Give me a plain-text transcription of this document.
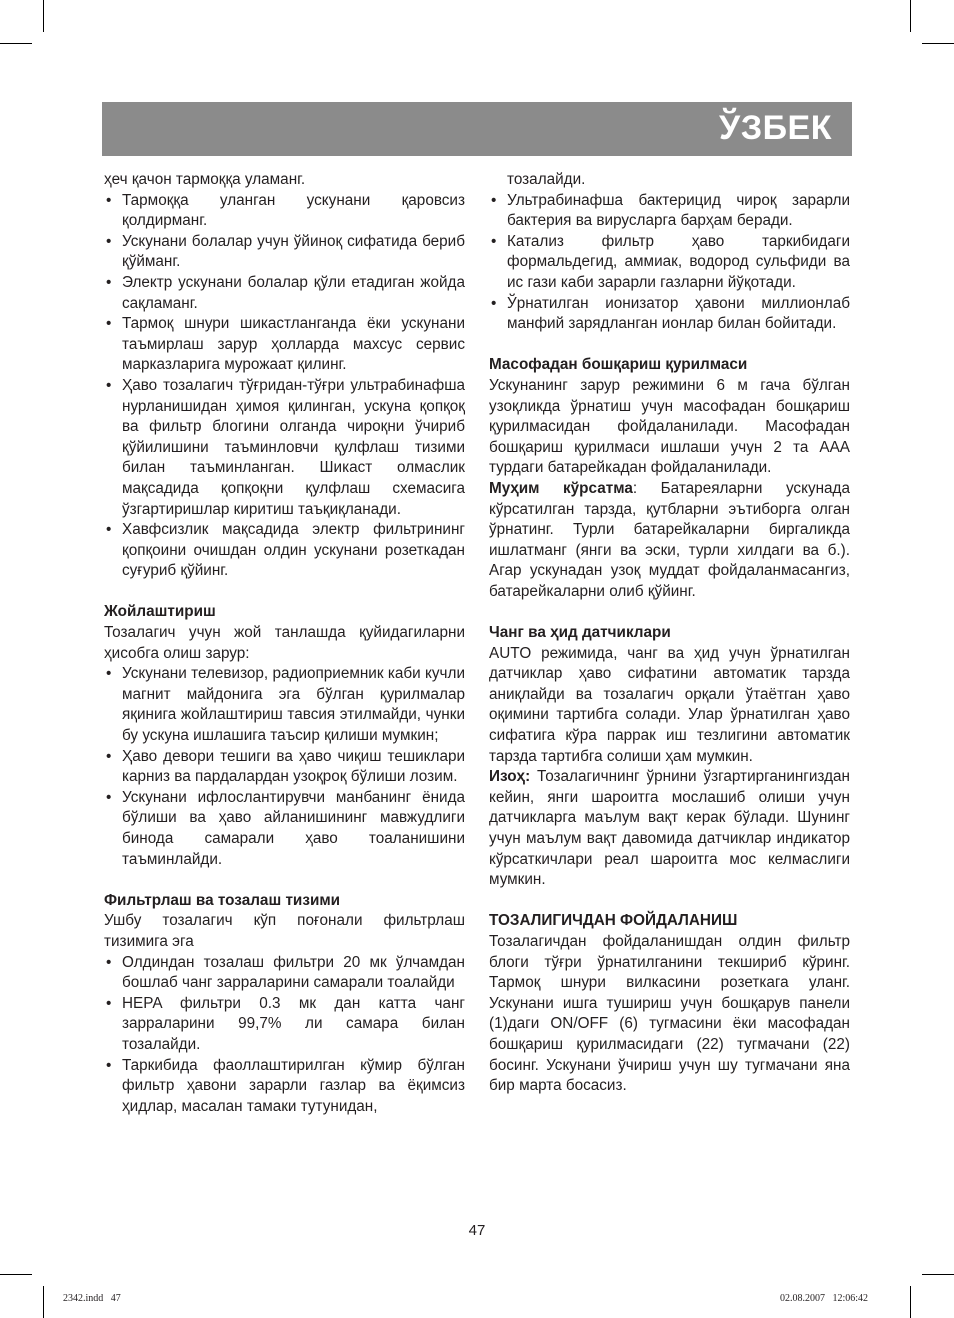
ЎЗБЕК

ҳеч қачон тармоққа уламанг.

• Тармоққа уланган ускунани қаровсиз қолдирманг.
• Ускунани болалар учун ўйиноқ сифатида бериб қўйманг.
• Электр ускунани болалар қўли етадиган жойда сақламанг.
• Тармоқ шнури шикастланганда ёки ускунани таъмирлаш зарур ҳолларда махсус сервис марказларига мурожаат қилинг.
• Ҳаво тозалагич тўғридан-тўғри ультрабинафша нурланишидан ҳимоя қилинган, ускуна қопқоқ ва фильтр блогини олганда чироқни ўчириб қўйилишини таъминловчи қулфлаш тизими билан таъминланган. Шикаст олмаслик мақсадида қопқоқни қулфлаш схемасига ўзгартиришлар киритиш таъқиқланади.
• Хавфсизлик мақсадида электр фильтрининг қопқоини очишдан олдин ускунани розеткадан суғуриб қўйинг.
Жойлаштириш

Тозалагич учун жой танлашда қуйидагиларни ҳисобга олиш зарур:

• Ускунани телевизор, радиоприемник каби кучли магнит майдонига эга бўлган қурилмалар яқинига жойлаштириш тавсия этилмайди, чунки бу ускуна ишлашига таъсир қилиши мумкин;
• Ҳаво девори тешиги ва ҳаво чиқиш тешиклари карниз ва пардалардан узоқроқ бўлиши лозим.
• Ускунани ифлослантирувчи манбанинг ёнида бўлиши ва ҳаво айланишининг мавжудлиги бинода самарали ҳаво тоаланишини таъминлайди.
Фильтрлаш ва тозалаш тизими

Ушбу тозалагич кўп поғонали фильтрлаш тизимига эга

• Олдиндан тозалаш фильтри 20 мк ўлчамдан бошлаб чанг зарраларини самарали тоалайди
• HEPA фильтри 0.3 мк дан катта чанг зарраларини 99,7% ли самара билан тозалайди.
• Таркибида фаоллаштирилган кўмир бўлган фильтр ҳавони зарарли газлар ва ёқимсиз ҳидлар, масалан тамаки тутунидан,

тозалайди.

• Ультрабинафша бактерицид чироқ зарарли бактерия ва вирусларга барҳам беради.
• Катализ фильтр ҳаво таркибидаги формальдегид, аммиак, водород сульфиди ва ис гази каби зарарли газларни йўқотади.
• Ўрнатилган ионизатор ҳавони миллионлаб манфий зарядланган ионлар билан бойитади.
Масофадан бошқариш қурилмаси

Ускунанинг зарур режимини 6 м гача бўлган узоқликда ўрнатиш учун масофадан бошқариш қурилмасидан фойдаланилади. Масофадан бошқариш қурилмаси ишлаши учун 2 та ААА турдаги батарейкадан фойдаланилади.

Муҳим кўрсатма: Батареяларни ускунада кўрсатилган тарзда, қутбларни эътиборга олган ўрнатинг. Турли батарейкаларни биргаликда ишлатманг (янги ва эски, турли хилдаги ва б.). Агар ускунадан узоқ муддат фойдаланмасангиз, батарейкаларни олиб қўйинг.

Чанг ва ҳид датчиклари

AUTO режимида, чанг ва ҳид учун ўрнатилган датчиклар ҳаво сифатини автоматик тарзда аниқлайди ва тозалагич орқали ўтаётган ҳаво оқимини тартибга солади. Улар ўрнатилган ҳаво сифатига кўра паррак иш тезлигини автоматик тарзда тартибга солиши ҳам мумкин.

Изоҳ: Тозалагичнинг ўрнини ўзгартирганингиздан кейин, янги шароитга мослашиб олиши учун датчикларга маълум вақт керак бўлади. Шунинг учун маълум вақт давомида датчиклар индикатор кўрсаткичлари реал шароитга мос келмаслиги мумкин.

ТОЗАЛИГИЧДАН ФОЙДАЛАНИШ

Тозалагичдан фойдаланишдан олдин фильтр блоги тўғри ўрнатилганини текшириб кўринг. Тармоқ шнури вилкасини розеткага уланг. Ускунани ишга тушириш учун бошқарув панели (1)даги ON/OFF (6) тугмасини ёки масофадан бошқариш қурилмасидаги (22) тугмачани (22) босинг. Ускунани ўчириш учун шу тугмачани яна бир марта босасиз.

47
2342.indd   47	02.08.2007   12:06:42
